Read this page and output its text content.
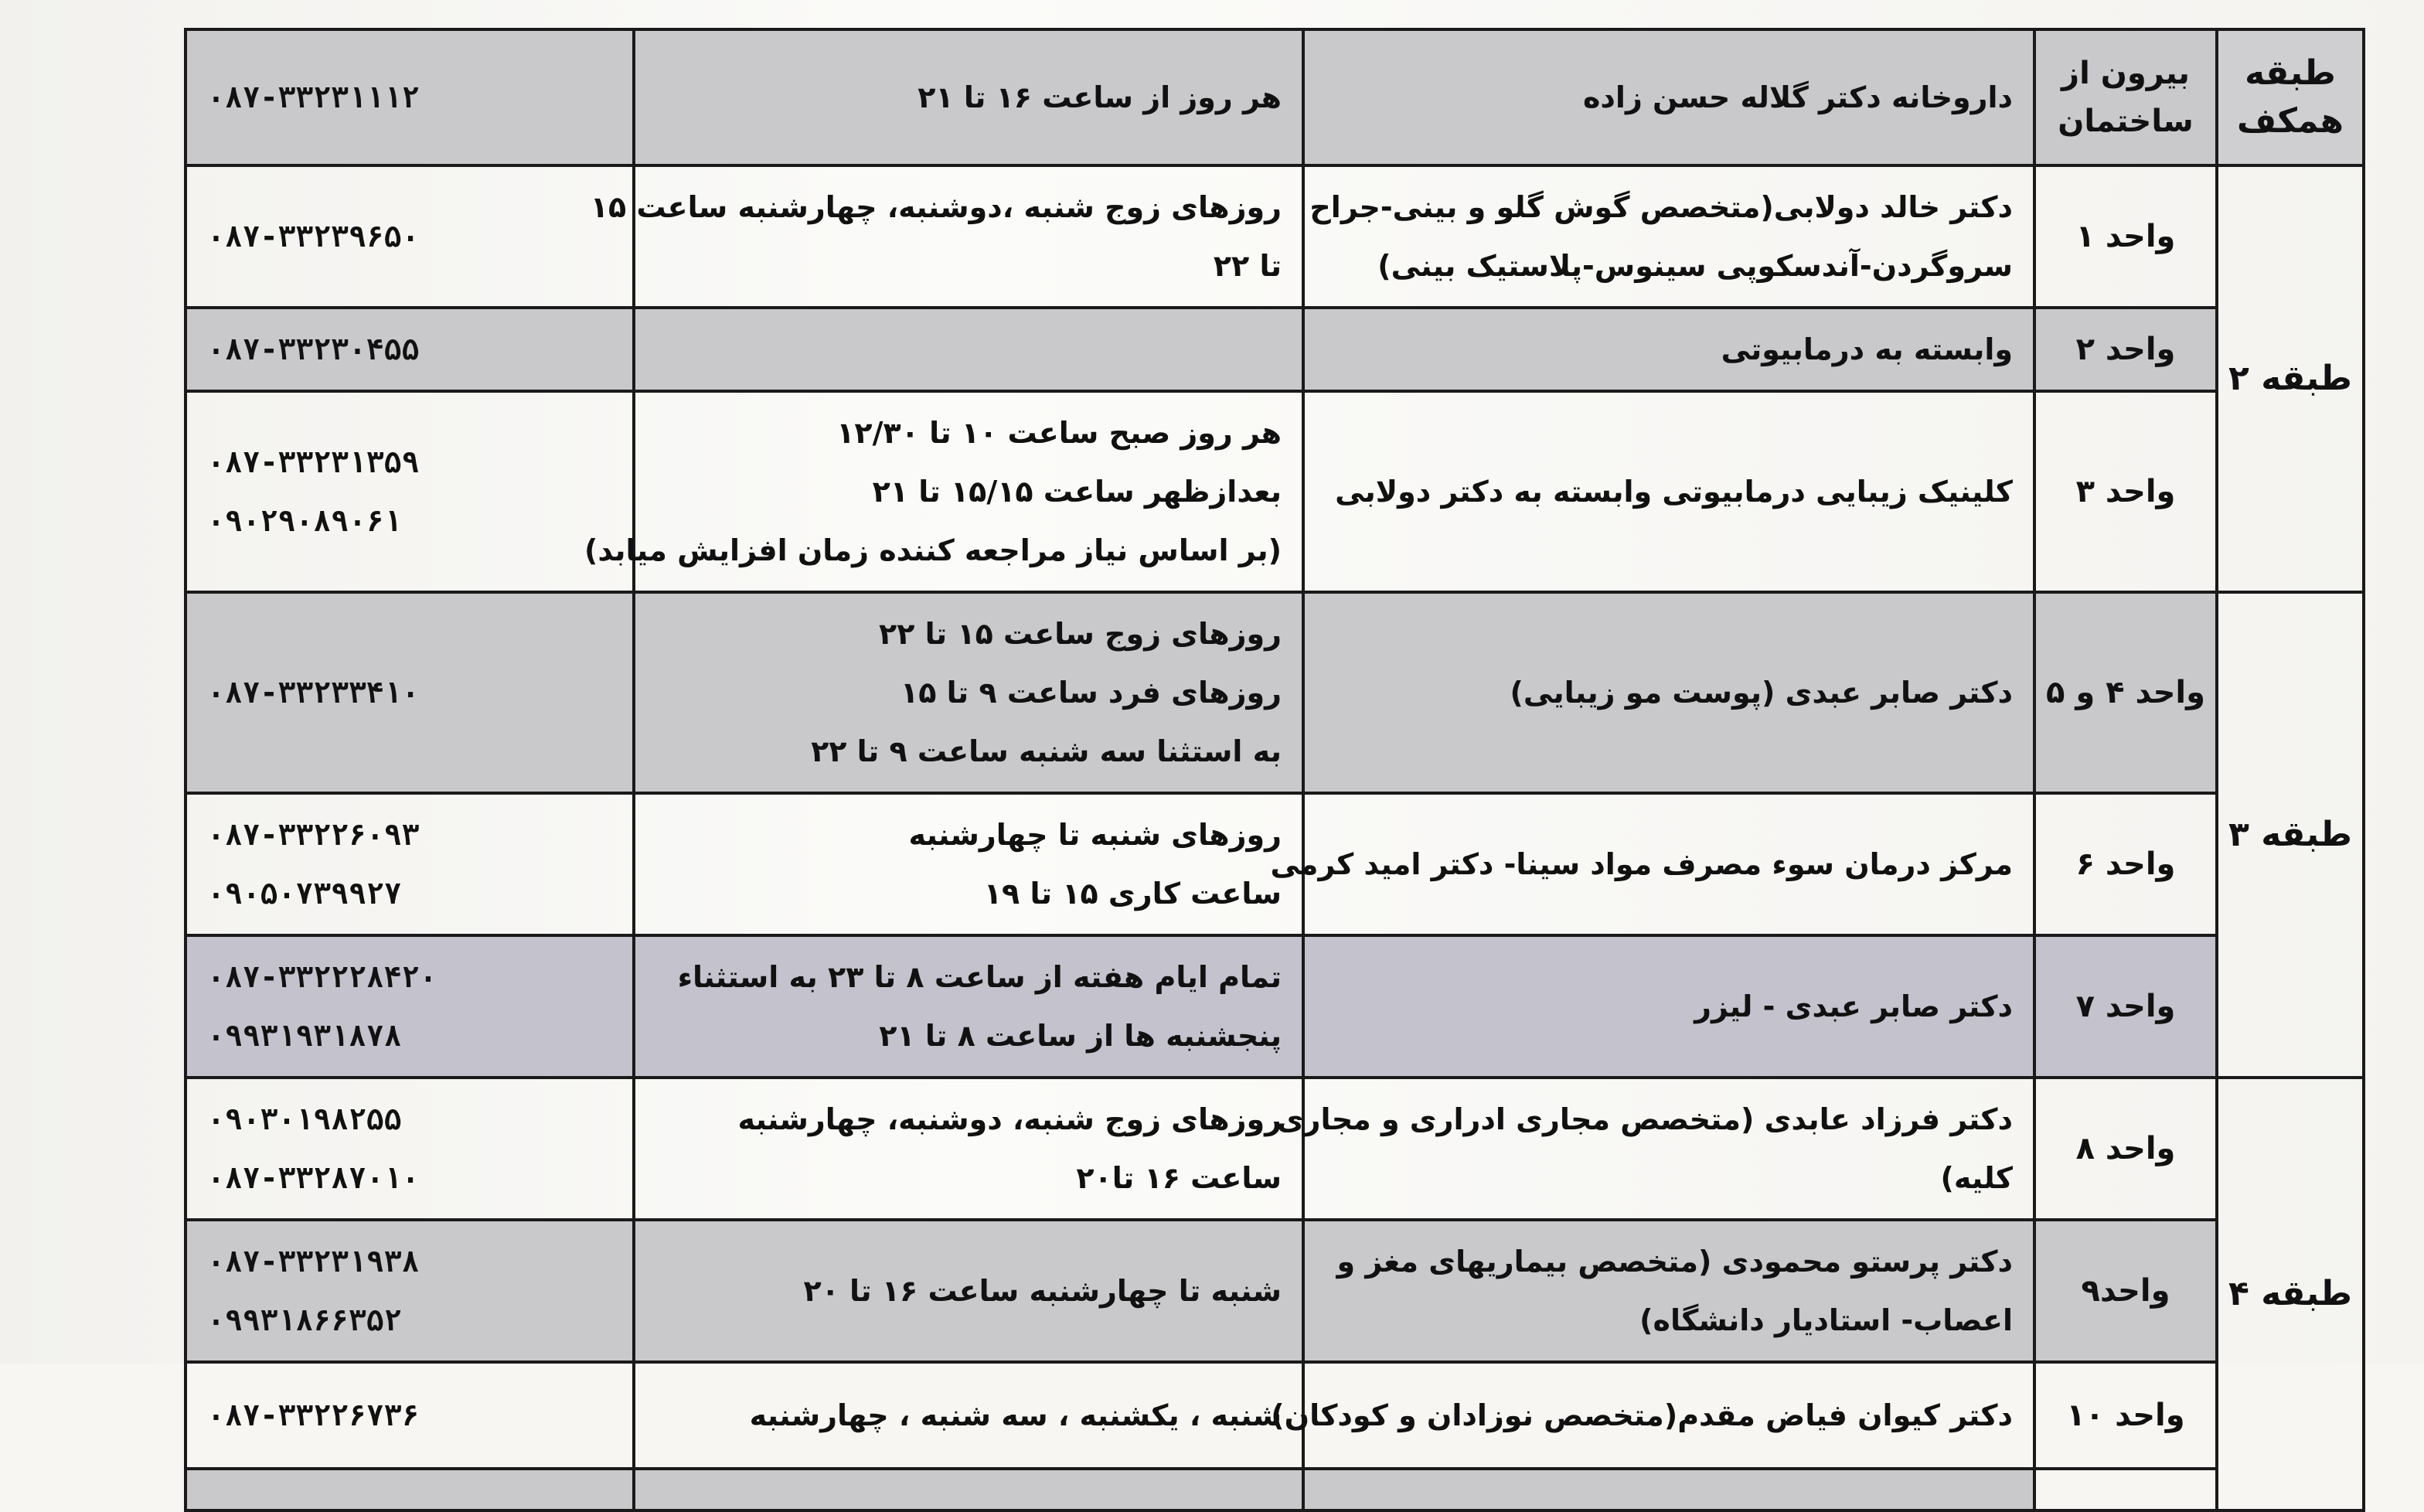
طبقه همکف	بیرون از ساختمان	داروخانه دکتر گلاله حسن زاده	هر روز از ساعت ۱۶ تا ۲۱	۰۸۷-۳۳۲۳۱۱۱۲	

طبقه ۲	واحد ۱	دکتر خالد دولابی(متخصص گوش گلو و بینی-جراح
سروگردن-آندسکوپی سینوس-پلاستیک بینی)	روزهای زوج شنبه ،دوشنبه، چهارشنبه ساعت ۱۵
تا ۲۲	۰۸۷-۳۳۲۳۹۶۵۰	

	واحد ۲	وابسته به درمابیوتی		۰۸۷-۳۳۲۳۰۴۵۵	

	واحد ۳	کلینیک زیبایی درمابیوتی وابسته به دکتر دولابی	هر روز صبح ساعت ۱۰ تا ۱۲/۳۰
بعدازظهر ساعت ۱۵/۱۵ تا ۲۱
(بر اساس نیاز مراجعه کننده زمان افزایش میابد)	۰۸۷-۳۳۲۳۱۳۵۹
۰۹۰۲۹۰۸۹۰۶۱	

طبقه ۳	واحد ۴ و ۵	دکتر صابر عبدی (پوست مو زیبایی)	روزهای زوج ساعت ۱۵ تا ۲۲
روزهای فرد ساعت ۹ تا ۱۵
به استثنا سه شنبه ساعت ۹ تا ۲۲	۰۸۷-۳۳۲۳۳۴۱۰	

	واحد ۶	مرکز درمان سوء مصرف مواد سینا- دکتر امید کرمی	روزهای شنبه تا چهارشنبه
ساعت کاری ۱۵ تا ۱۹	۰۸۷-۳۳۲۲۶۰۹۳
۰۹۰۵۰۷۳۹۹۲۷	

	واحد ۷	دکتر صابر عبدی - لیزر	تمام ایام هفته از ساعت ۸ تا ۲۳ به استثناء
پنجشنبه ها از ساعت ۸ تا ۲۱	۰۸۷-۳۳۲۲۲۸۴۲۰
۰۹۹۳۱۹۳۱۸۷۸	

طبقه ۴	واحد ۸	دکتر فرزاد عابدی (متخصص مجاری ادراری و مجاری
کلیه)	روزهای زوج شنبه، دوشنبه، چهارشنبه
ساعت ۱۶ تا۲۰	۰۹۰۳۰۱۹۸۲۵۵
۰۸۷-۳۳۲۸۷۰۱۰	

	واحد۹	دکتر پرستو محمودی (متخصص بیماریهای مغز و
اعصاب- استادیار دانشگاه)	شنبه تا چهارشنبه ساعت ۱۶ تا ۲۰	۰۸۷-۳۳۲۳۱۹۳۸
۰۹۹۳۱۸۶۶۳۵۲	

	واحد ۱۰	دکتر کیوان فیاض مقدم(متخصص نوزادان و کودکان)	شنبه ، یکشنبه ، سه شنبه ، چهارشنبه	۰۸۷-۳۳۲۲۶۷۳۶	
